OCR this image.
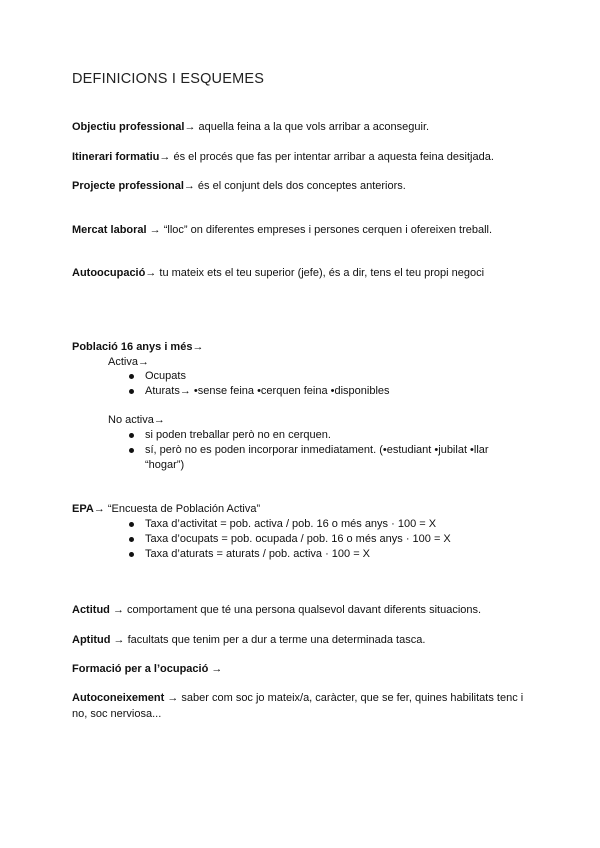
DEFINICIONS I ESQUEMES
Objectiu professional→ aquella feina a la que vols arribar a aconseguir.
Itinerari formatiu→ és el procés que fas per intentar arribar a aquesta feina desitjada.
Projecte professional→ és el conjunt dels dos conceptes anteriors.
Mercat laboral → “lloc” on diferentes empreses i persones cerquen i ofereixen treball.
Autoocupació→ tu mateix ets el teu superior (jefe), és a dir, tens el teu propi negoci
Població 16 anys i més→
Activa→
Ocupats
Aturats→ •sense feina •cerquen feina •disponibles
No activa→
si poden treballar però no en cerquen.
sí, però no es poden incorporar inmediatament. (•estudiant •jubilat •llar
“hogar”)
EPA→ “Encuesta de Población Activa”
Taxa d’activitat = pob. activa / pob. 16 o més anys · 100 = X
Taxa d’ocupats = pob. ocupada / pob. 16 o més anys · 100 = X
Taxa d’aturats = aturats / pob. activa · 100 = X
Actitud → comportament que té una persona qualsevol davant diferents situacions.
Aptitud → facultats que tenim per a dur a terme una determinada tasca.
Formació per a l’ocupació →
Autoconeixement → saber com soc jo mateix/a, caràcter, que se fer, quines habilitats tenc i
no, soc nerviosa...
